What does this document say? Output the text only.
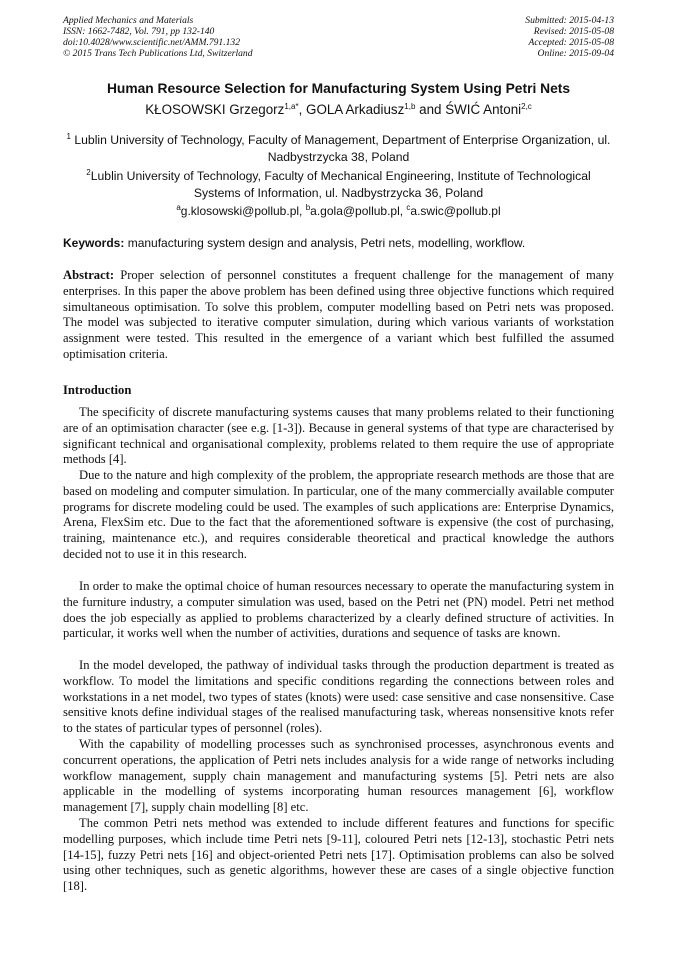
Applied Mechanics and Materials
ISSN: 1662-7482, Vol. 791, pp 132-140
doi:10.4028/www.scientific.net/AMM.791.132
© 2015 Trans Tech Publications Ltd, Switzerland
Submitted: 2015-04-13
Revised: 2015-05-08
Accepted: 2015-05-08
Online: 2015-09-04
Human Resource Selection for Manufacturing System Using Petri Nets
KŁOSOWSKI Grzegorz$^{1,a*}$, GOLA Arkadiusz$^{1,b}$ and ŚWIĆ Antoni$^{2,c}$
$^1$ Lublin University of Technology, Faculty of Management, Department of Enterprise Organization, ul. Nadbystrzycka 38, Poland
$^2$Lublin University of Technology, Faculty of Mechanical Engineering, Institute of Technological Systems of Information, ul. Nadbystrzycka 36, Poland
$^a$g.klosowski@pollub.pl, $^b$a.gola@pollub.pl, $^c$a.swic@pollub.pl
Keywords: manufacturing system design and analysis, Petri nets, modelling, workflow.

Abstract: Proper selection of personnel constitutes a frequent challenge for the management of many enterprises. In this paper the above problem has been defined using three objective functions which required simultaneous optimisation. To solve this problem, computer modelling based on Petri nets was proposed. The model was subjected to iterative computer simulation, during which various variants of workstation assignment were tested. This resulted in the emergence of a variant which best fulfilled the assumed optimisation criteria.

Introduction

The specificity of discrete manufacturing systems causes that many problems related to their functioning are of an optimisation character (see e.g. [1-3]). Because in general systems of that type are characterised by significant technical and organisational complexity, problems related to them require the use of appropriate methods [4].

Due to the nature and high complexity of the problem, the appropriate research methods are those that are based on modeling and computer simulation. In particular, one of the many commercially available computer programs for discrete modeling could be used. The examples of such applications are: Enterprise Dynamics, Arena, FlexSim etc. Due to the fact that the aforementioned software is expensive (the cost of purchasing, training, maintenance etc.), and requires considerable theoretical and practical knowledge the authors decided not to use it in this research.

In order to make the optimal choice of human resources necessary to operate the manufacturing system in the furniture industry, a computer simulation was used, based on the Petri net (PN) model. Petri net method does the job especially as applied to problems characterized by a clearly defined structure of activities. In particular, it works well when the number of activities, durations and sequence of tasks are known.

In the model developed, the pathway of individual tasks through the production department is treated as workflow. To model the limitations and specific conditions regarding the connections between roles and workstations in a net model, two types of states (knots) were used: case sensitive and case nonsensitive. Case sensitive knots define individual stages of the realised manufacturing task, whereas nonsensitive knots refer to the states of particular types of personnel (roles).

With the capability of modelling processes such as synchronised processes, asynchronous events and concurrent operations, the application of Petri nets includes analysis for a wide range of networks including workflow management, supply chain management and manufacturing systems [5]. Petri nets are also applicable in the modelling of systems incorporating human resources management [6], workflow management [7], supply chain modelling [8] etc.

The common Petri nets method was extended to include different features and functions for specific modelling purposes, which include time Petri nets [9-11], coloured Petri nets [12-13], stochastic Petri nets [14-15], fuzzy Petri nets [16] and object-oriented Petri nets [17]. Optimisation problems can also be solved using other techniques, such as genetic algorithms, however these are cases of a single objective function [18].
